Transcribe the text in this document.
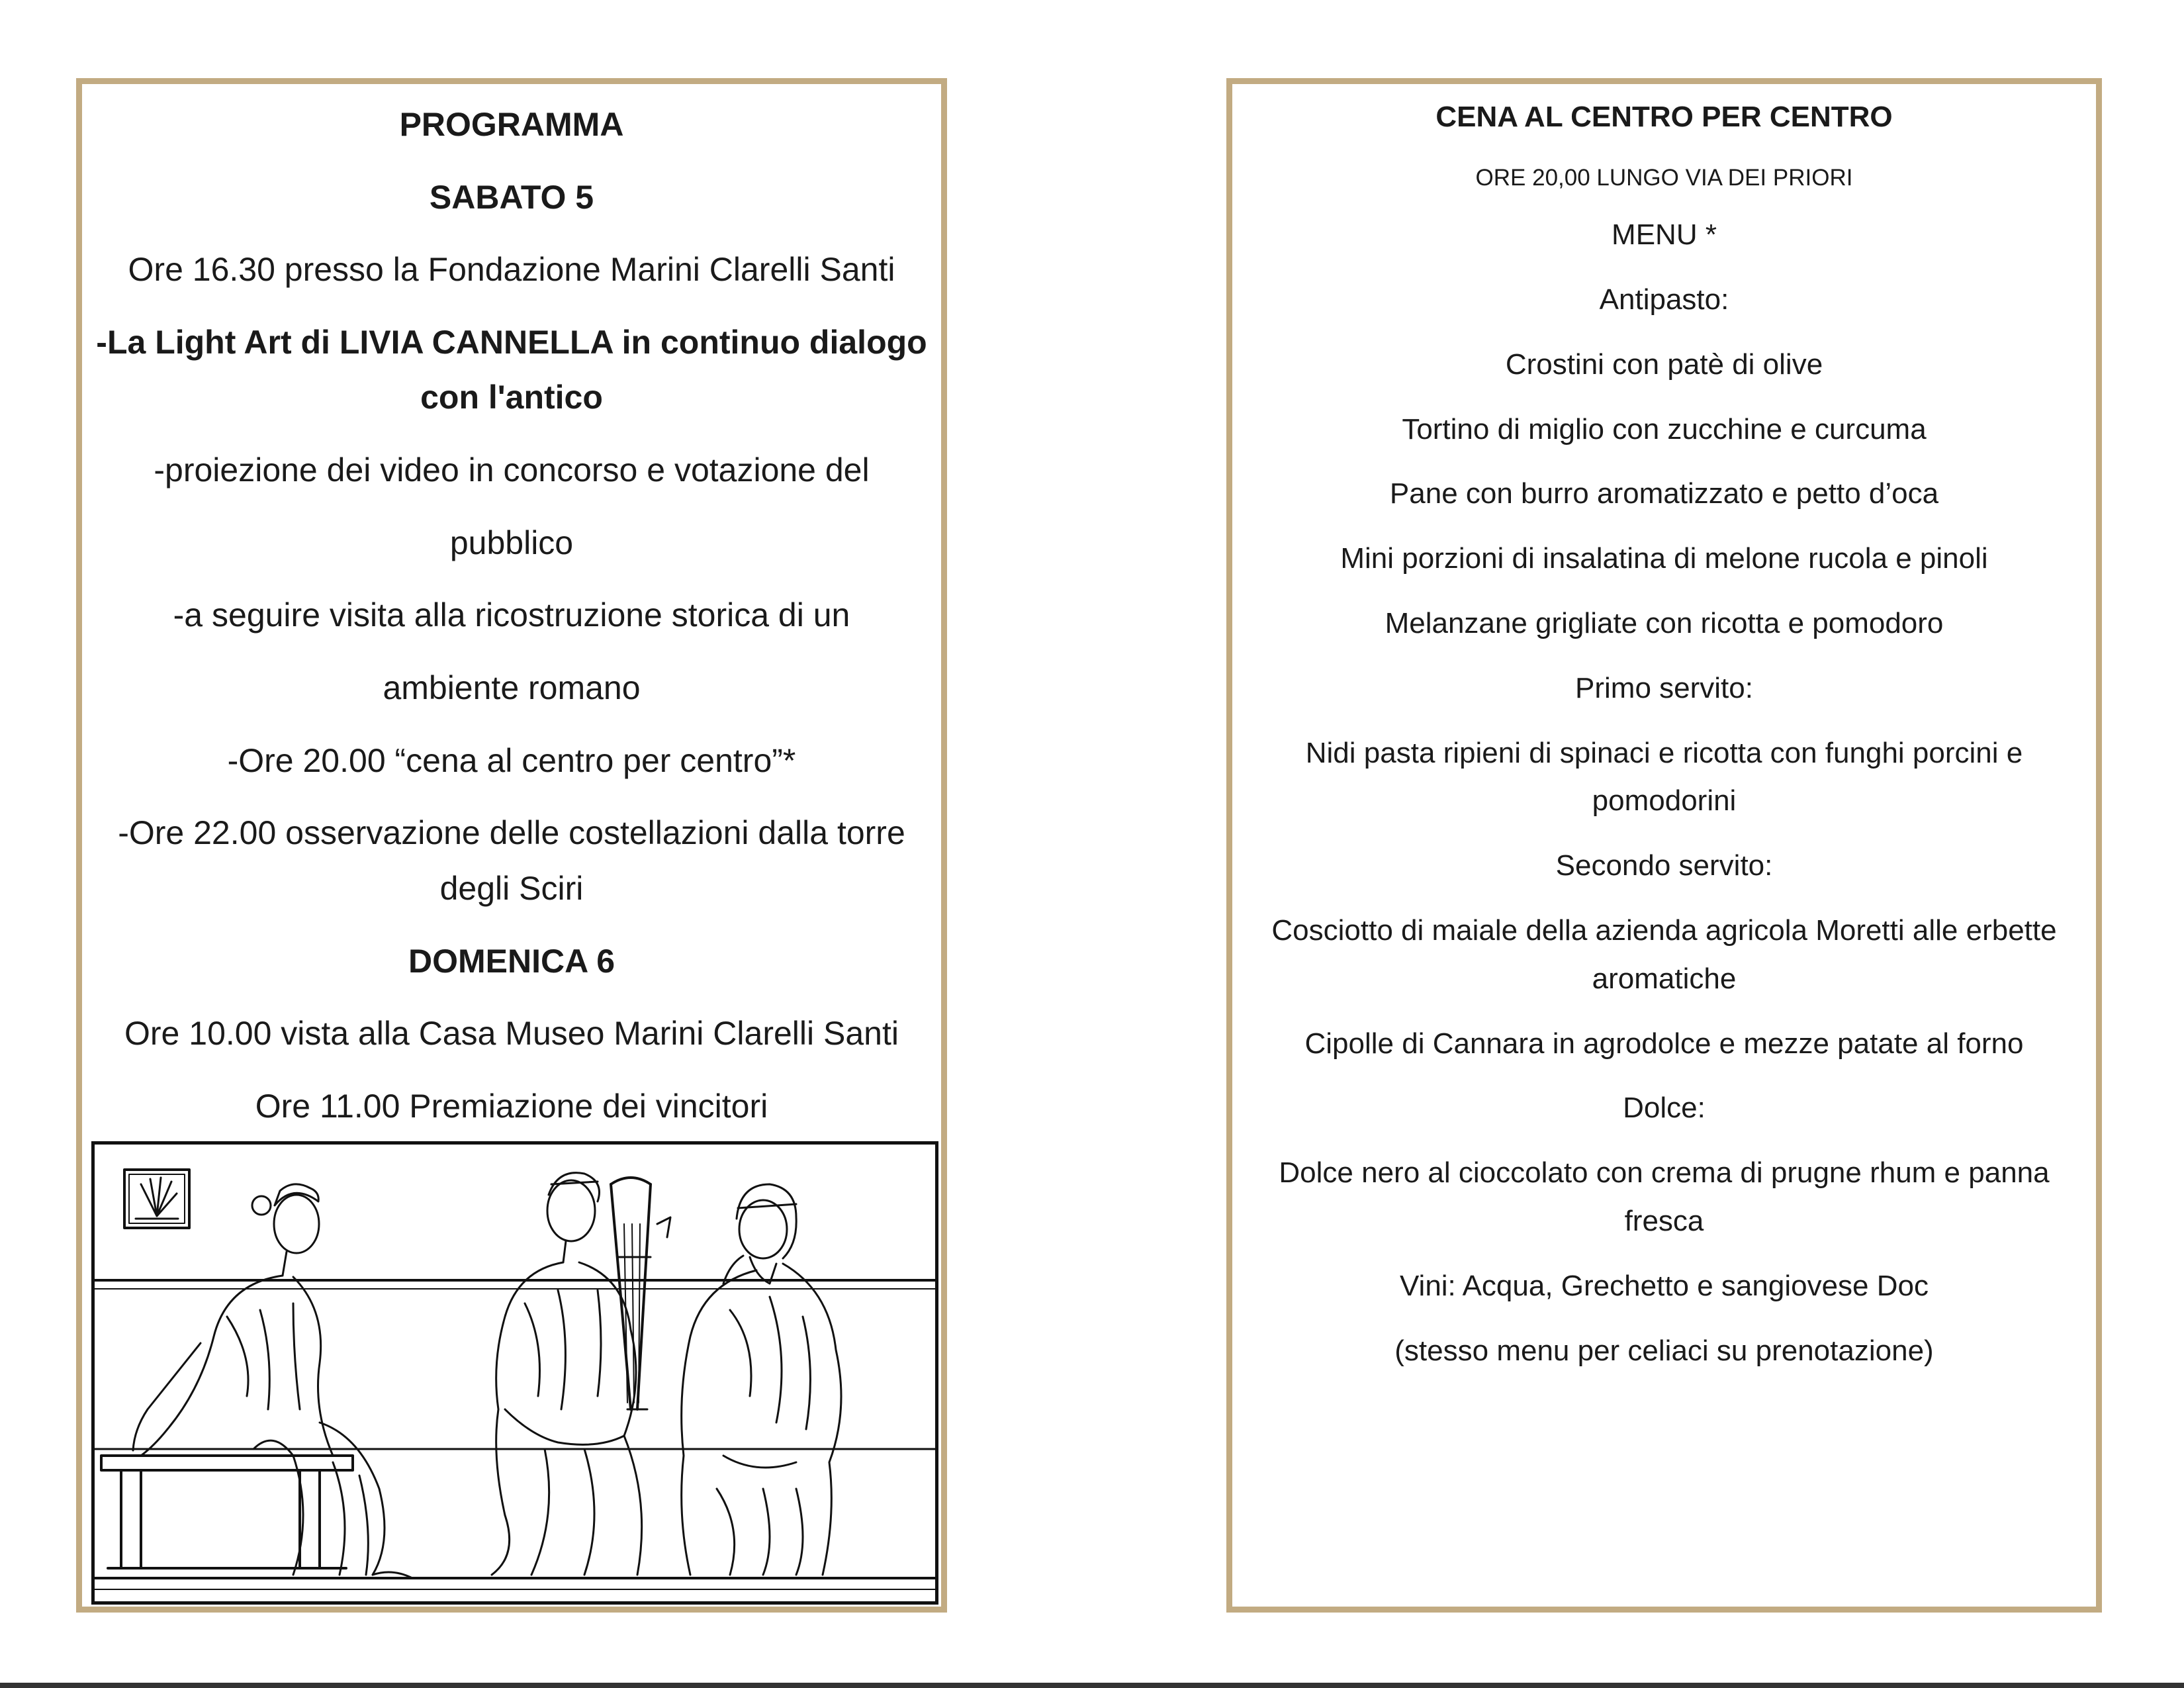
PROGRAMMA

SABATO 5

Ore 16.30 presso la Fondazione Marini Clarelli Santi

-La Light Art di LIVIA CANNELLA in continuo dialogo

con l'antico

-proiezione dei video in concorso e votazione del

pubblico

-a seguire visita alla ricostruzione storica di un

ambiente romano

-Ore 20.00 “cena al centro per centro”*

-Ore 22.00 osservazione delle costellazioni dalla torre

degli Sciri

DOMENICA 6

Ore 10.00 vista alla Casa Museo Marini Clarelli Santi

Ore 11.00 Premiazione dei vincitori

CENA AL CENTRO PER CENTRO

ORE 20,00 LUNGO VIA DEI PRIORI

MENU *

Antipasto:

Crostini con patè di olive

Tortino di miglio con zucchine e curcuma

Pane con burro aromatizzato e petto d’oca

Mini porzioni di insalatina di melone rucola e pinoli

Melanzane grigliate con ricotta e pomodoro

Primo servito:

Nidi pasta ripieni di spinaci e ricotta con funghi porcini e

pomodorini

Secondo servito:

Cosciotto di maiale della azienda agricola Moretti alle erbette

aromatiche

Cipolle di Cannara in agrodolce e mezze patate al forno

Dolce:

Dolce nero al cioccolato con crema di prugne rhum e panna

fresca

Vini: Acqua, Grechetto e sangiovese Doc

(stesso menu per celiaci su prenotazione)
